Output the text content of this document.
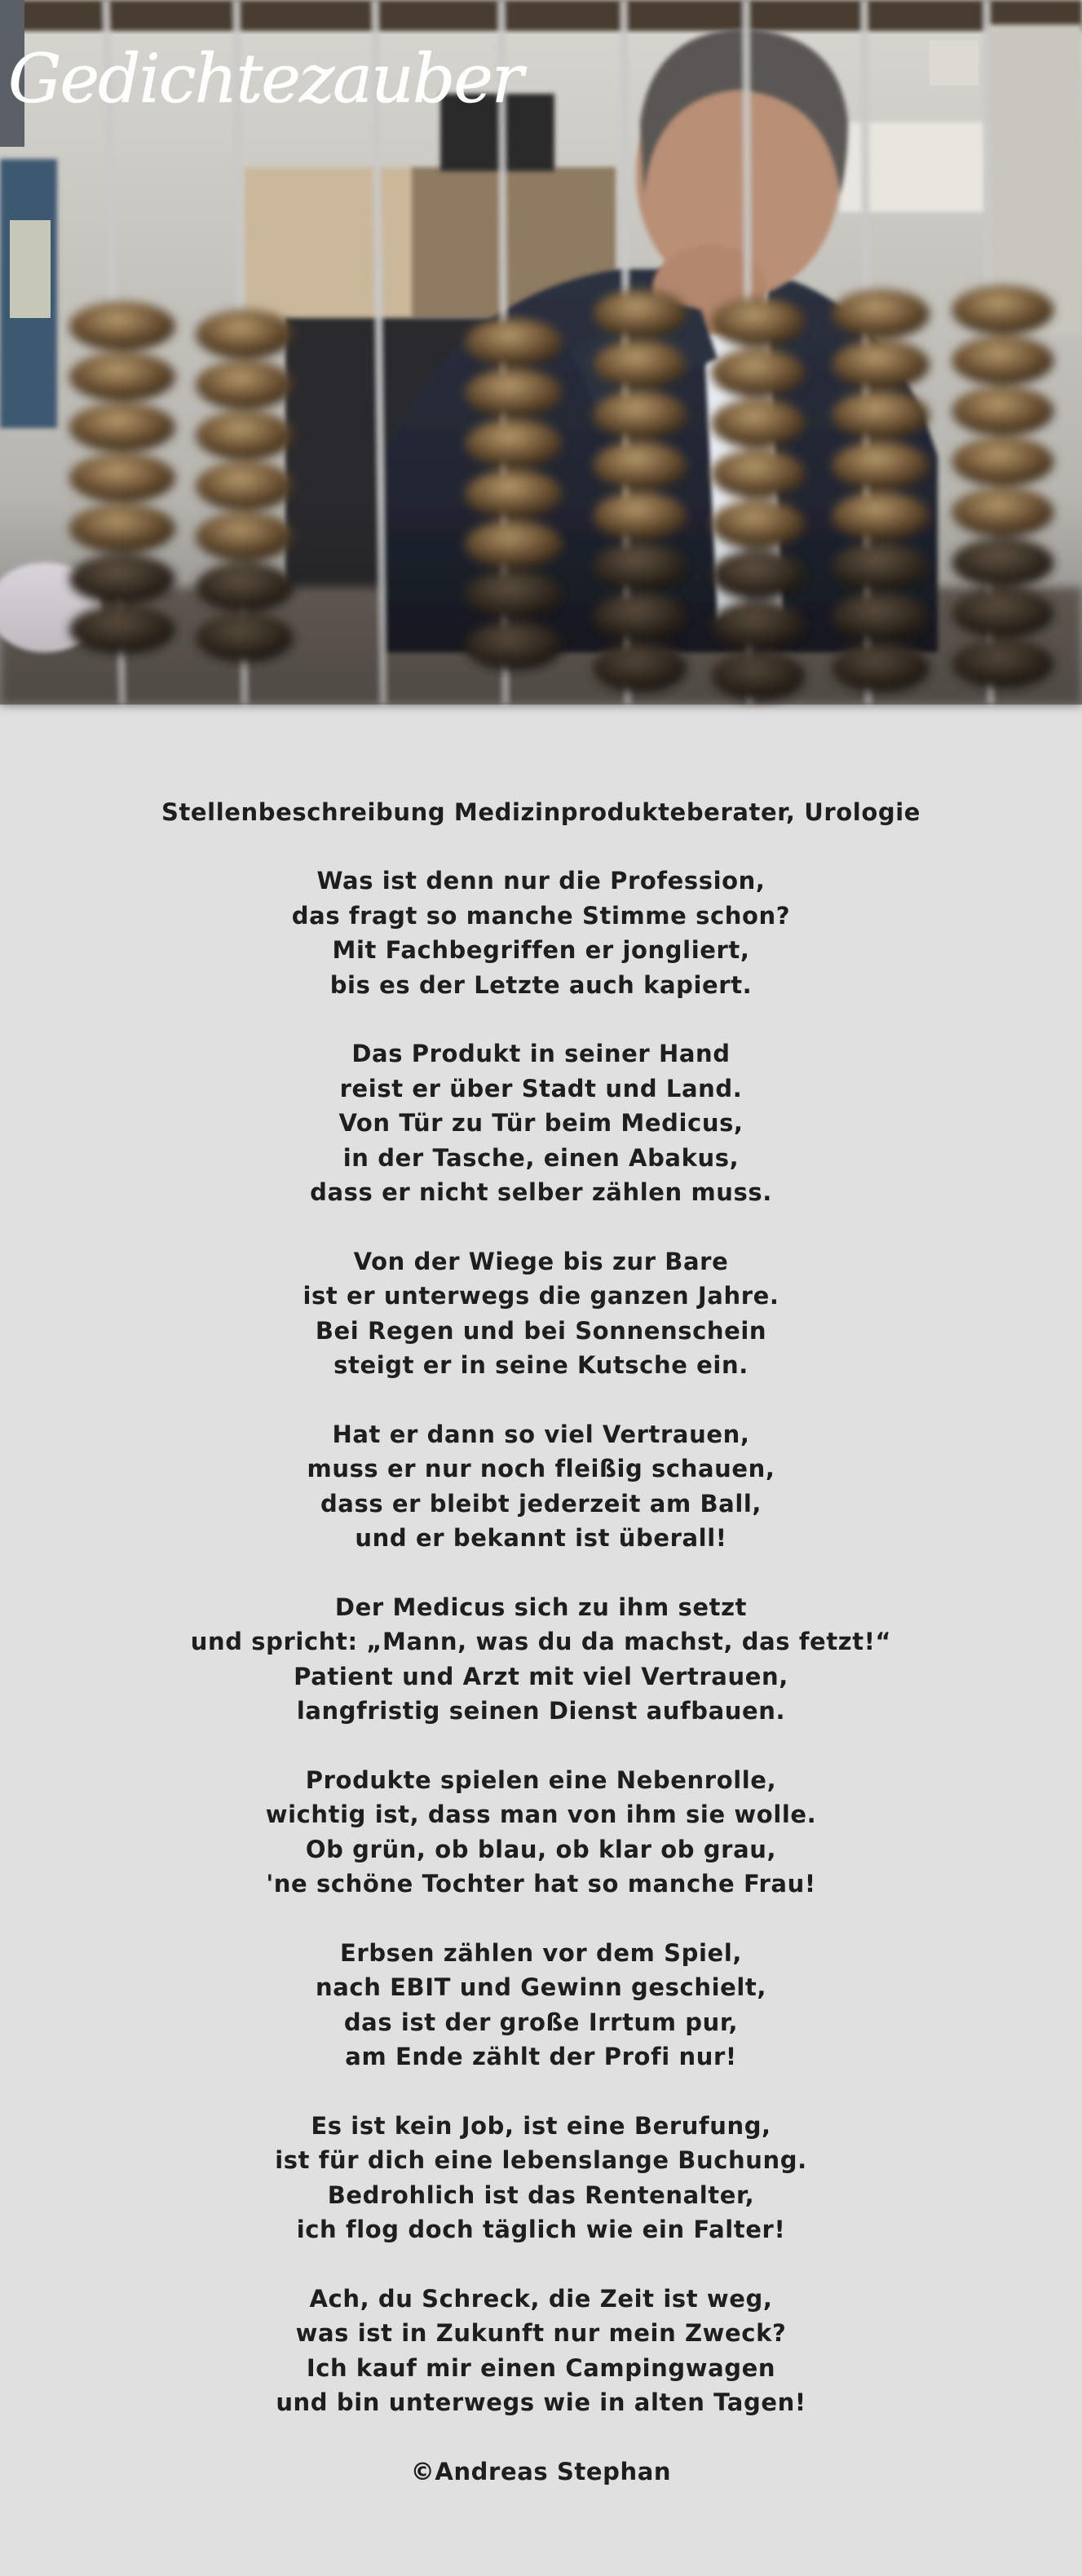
Gedichtezauber
Stellenbeschreibung Medizinprodukteberater, Urologie
Was ist denn nur die Profession,
das fragt so manche Stimme schon?
Mit Fachbegriffen er jongliert,
bis es der Letzte auch kapiert.
Das Produkt in seiner Hand
reist er über Stadt und Land.
Von Tür zu Tür beim Medicus,
in der Tasche, einen Abakus,
dass er nicht selber zählen muss.
Von der Wiege bis zur Bare
ist er unterwegs die ganzen Jahre.
Bei Regen und bei Sonnenschein
steigt er in seine Kutsche ein.
Hat er dann so viel Vertrauen,
muss er nur noch fleißig schauen,
dass er bleibt jederzeit am Ball,
und er bekannt ist überall!
Der Medicus sich zu ihm setzt
und spricht: „Mann, was du da machst, das fetzt!“
Patient und Arzt mit viel Vertrauen,
langfristig seinen Dienst aufbauen.
Produkte spielen eine Nebenrolle,
wichtig ist, dass man von ihm sie wolle.
Ob grün, ob blau, ob klar ob grau,
'ne schöne Tochter hat so manche Frau!
Erbsen zählen vor dem Spiel,
nach EBIT und Gewinn geschielt,
das ist der große Irrtum pur,
am Ende zählt der Profi nur!
Es ist kein Job, ist eine Berufung,
ist für dich eine lebenslange Buchung.
Bedrohlich ist das Rentenalter,
ich flog doch täglich wie ein Falter!
Ach, du Schreck, die Zeit ist weg,
was ist in Zukunft nur mein Zweck?
Ich kauf mir einen Campingwagen
und bin unterwegs wie in alten Tagen!
©Andreas Stephan
